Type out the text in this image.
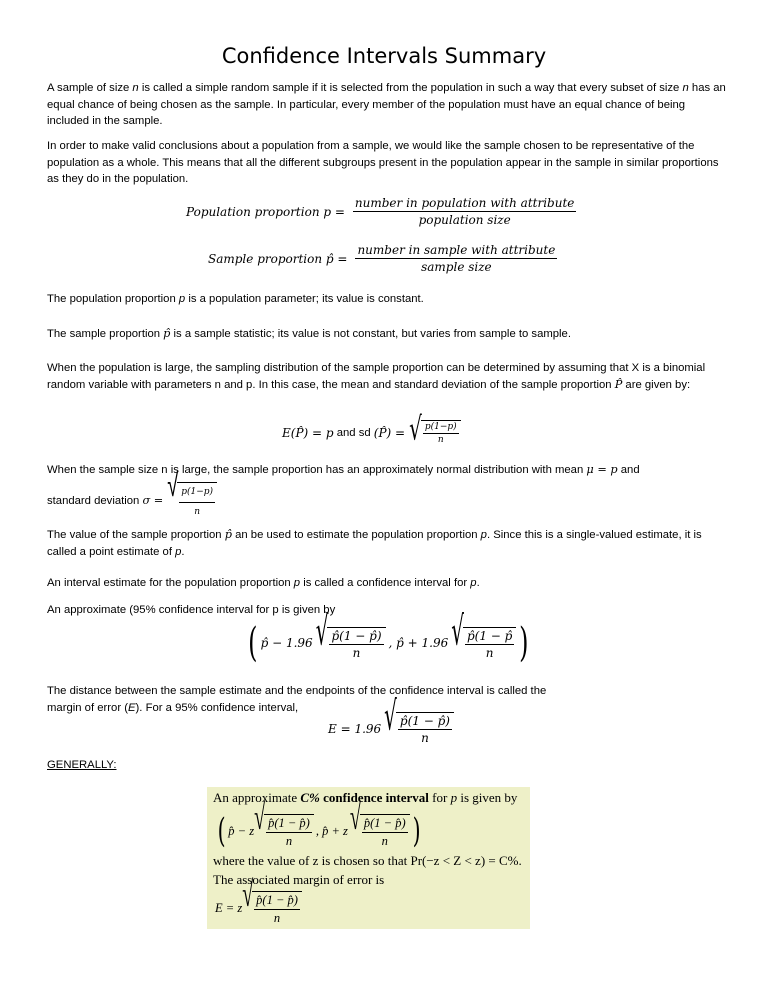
Confidence Intervals Summary
A sample of size n is called a simple random sample if it is selected from the population in such a way that every subset of size n has an equal chance of being chosen as the sample. In particular, every member of the population must have an equal chance of being included in the sample.
In order to make valid conclusions about a population from a sample, we would like the sample chosen to be representative of the population as a whole. This means that all the different subgroups present in the population appear in the sample in similar proportions as they do in the population.
Population proportion $p = \frac{\text{number in population with attribute}}{\text{population size}}$
Sample proportion p̂ = $\frac{\text{number in sample with attribute}}{\text{sample size}}$
The population proportion p is a population parameter; its value is constant.
The sample proportion p̂ is a sample statistic; its value is not constant, but varies from sample to sample.
When the population is large, the sampling distribution of the sample proportion can be determined by assuming that X is a binomial random variable with parameters n and p. In this case, the mean and standard deviation of the sample proportion P̂ are given by:
E(P̂) = p and sd (P̂) = √ $\frac{p(1-p)}{n}$
When the sample size n is large, the sample proportion has an approximately normal distribution with mean μ = p and
standard deviation σ = √ $\frac{p(1-p)}{n}$
The value of the sample proportion p̂ an be used to estimate the population proportion p. Since this is a single-valued estimate, it is called a point estimate of p.
An interval estimate for the population proportion p is called a confidence interval for p.
An approximate (95% confidence interval for p is given by
( p̂ − 1.96 √ $\frac{p̂(1 - p̂)}{n}$ , p̂ + 1.96 √ $\frac{p̂(1 - p̂}{n}$ )
The distance between the sample estimate and the endpoints of the confidence interval is called the margin of error (E). For a 95% confidence interval,
E = 1.96 √ $\frac{p̂(1 - p̂)}{n}$
GENERALLY:
An approximate C% confidence interval for p is given by
( p̂ − z √ $\frac{p̂(1 - p̂)}{n}$ , p̂ + z √ $\frac{p̂(1 - p̂)}{n}$ )
where the value of z is chosen so that Pr(−z < Z < z) = C%.
The associated margin of error is
E = z √ $\frac{p̂(1 - p̂)}{n}$
